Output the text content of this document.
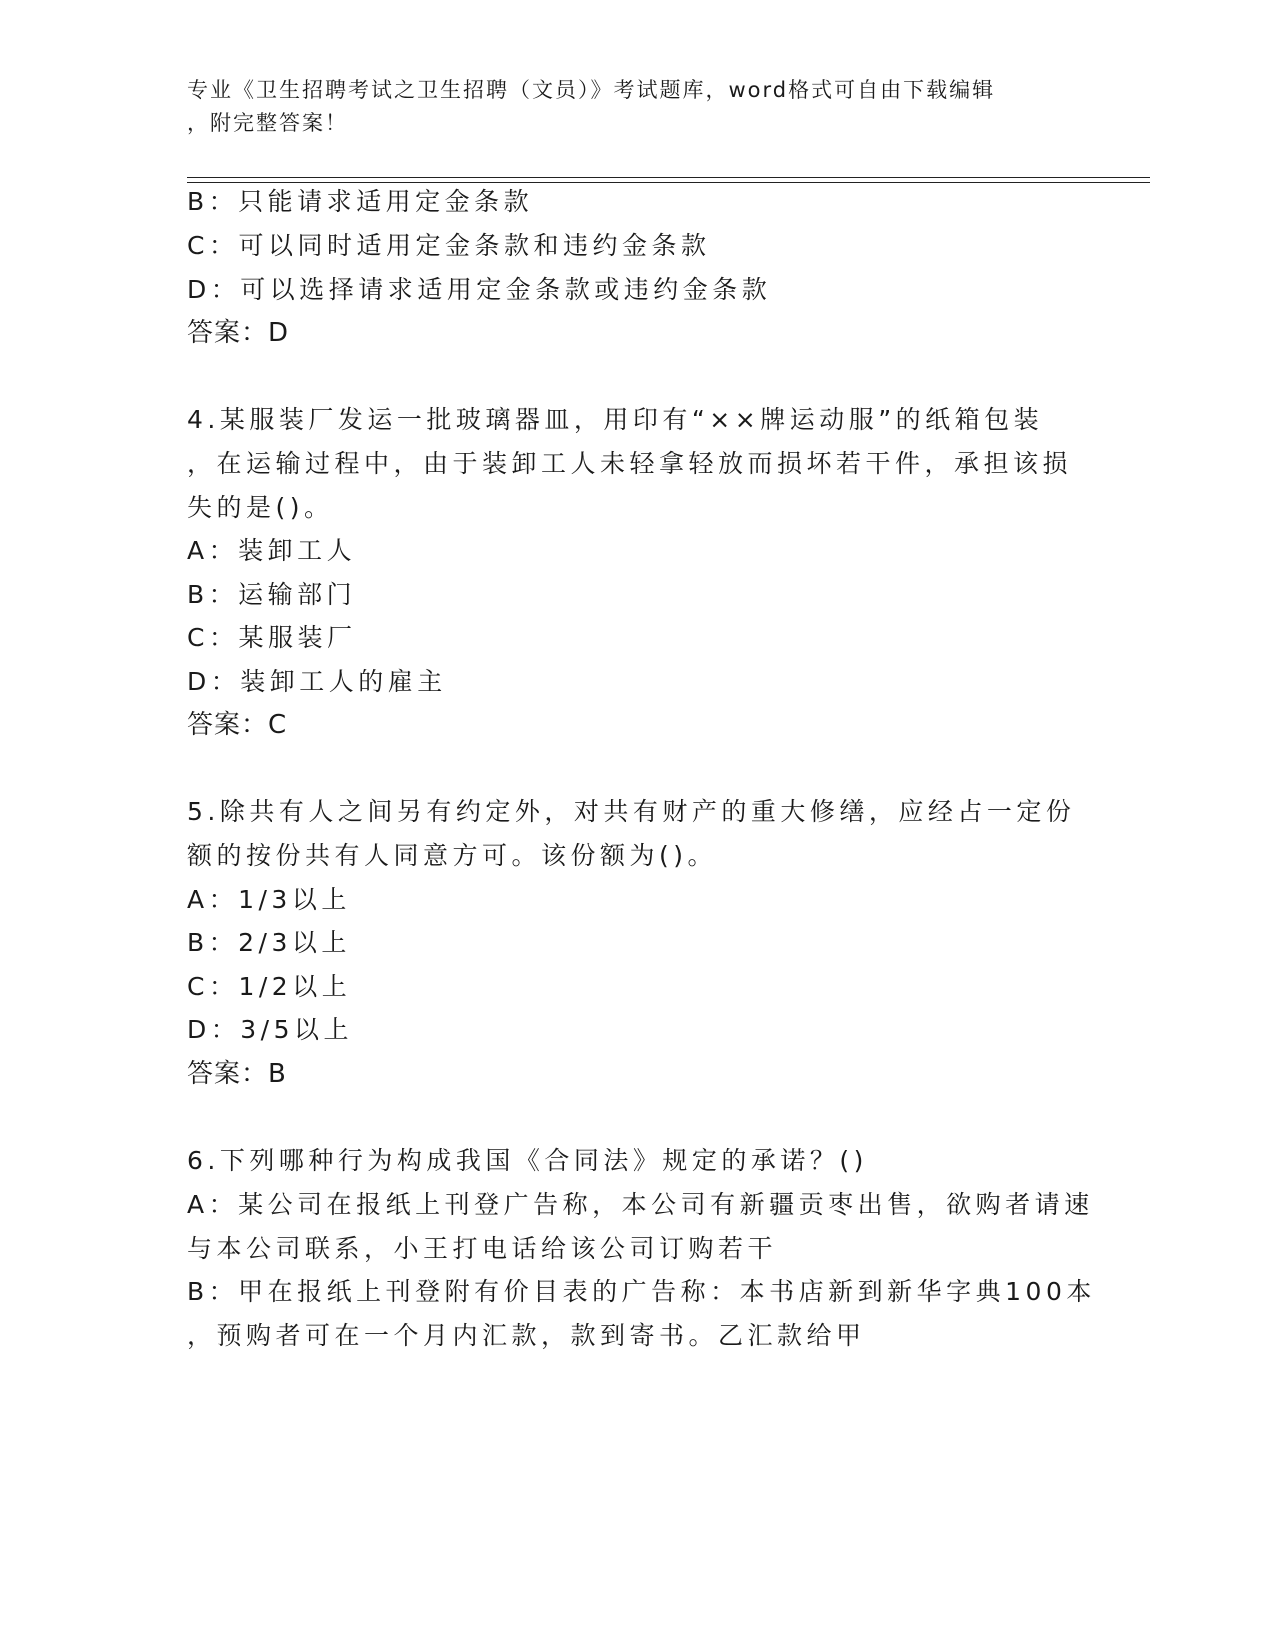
专业《卫生招聘考试之卫生招聘（文员）》考试题库，word格式可自由下载编辑
，附完整答案！
B：只能请求适用定金条款
C：可以同时适用定金条款和违约金条款
D：可以选择请求适用定金条款或违约金条款
答案：D
4.某服装厂发运一批玻璃器皿，用印有“××牌运动服”的纸箱包装
，在运输过程中，由于装卸工人未轻拿轻放而损坏若干件，承担该损
失的是()。
A：装卸工人
B：运输部门
C：某服装厂
D：装卸工人的雇主
答案：C
5.除共有人之间另有约定外，对共有财产的重大修缮，应经占一定份
额的按份共有人同意方可。该份额为()。
A：1/3以上
B：2/3以上
C：1/2以上
D：3/5以上
答案：B
6.下列哪种行为构成我国《合同法》规定的承诺？()
A：某公司在报纸上刊登广告称，本公司有新疆贡枣出售，欲购者请速
与本公司联系，小王打电话给该公司订购若干
B：甲在报纸上刊登附有价目表的广告称：本书店新到新华字典100本
，预购者可在一个月内汇款，款到寄书。乙汇款给甲
